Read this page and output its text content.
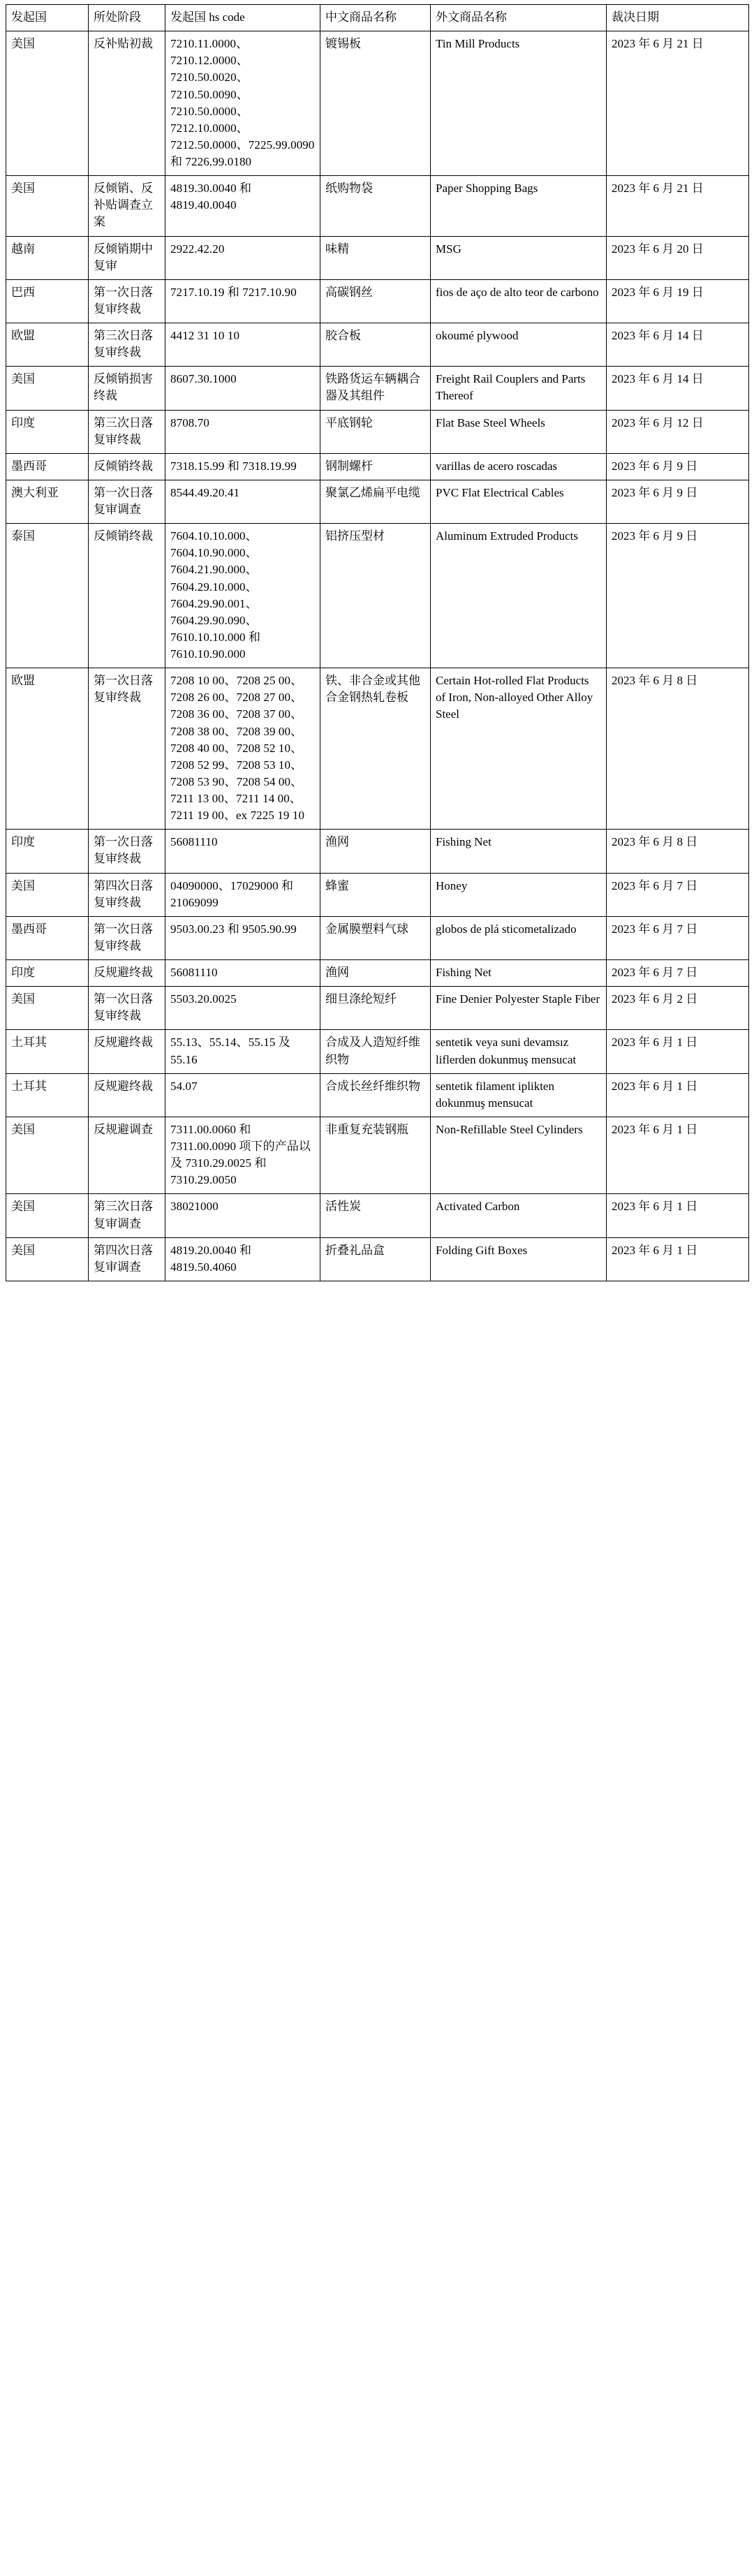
发起国	所处阶段	发起国 hs code	中文商品名称	外文商品名称	裁决日期
美国	反补贴初裁	7210.11.0000、7210.12.0000、7210.50.0020、7210.50.0090、7210.50.0000、7212.10.0000、7212.50.0000、7225.99.0090 和 7226.99.0180	镀锡板	Tin Mill Products	2023 年 6 月 21 日
美国	反倾销、反补贴调查立案	4819.30.0040 和 4819.40.0040	纸购物袋	Paper Shopping Bags	2023 年 6 月 21 日
越南	反倾销期中复审	2922.42.20	味精	MSG	2023 年 6 月 20 日
巴西	第一次日落复审终裁	7217.10.19 和 7217.10.90	高碳钢丝	fios de aço de alto teor de carbono	2023 年 6 月 19 日
欧盟	第三次日落复审终裁	4412 31 10 10	胶合板	okoumé plywood	2023 年 6 月 14 日
美国	反倾销损害终裁	8607.30.1000	铁路货运车辆耦合器及其组件	Freight Rail Couplers and Parts Thereof	2023 年 6 月 14 日
印度	第三次日落复审终裁	8708.70	平底钢轮	Flat Base Steel Wheels	2023 年 6 月 12 日
墨西哥	反倾销终裁	7318.15.99 和 7318.19.99	钢制螺杆	varillas de acero roscadas	2023 年 6 月 9 日
澳大利亚	第一次日落复审调查	8544.49.20.41	聚氯乙烯扁平电缆	PVC Flat Electrical Cables	2023 年 6 月 9 日
泰国	反倾销终裁	7604.10.10.000、7604.10.90.000、7604.21.90.000、7604.29.10.000、7604.29.90.001、7604.29.90.090、7610.10.10.000 和 7610.10.90.000	铝挤压型材	Aluminum Extruded Products	2023 年 6 月 9 日
欧盟	第一次日落复审终裁	7208 10 00、7208 25 00、7208 26 00、7208 27 00、7208 36 00、7208 37 00、7208 38 00、7208 39 00、7208 40 00、7208 52 10、7208 52 99、7208 53 10、7208 53 90、7208 54 00、7211 13 00、7211 14 00、7211 19 00、ex 7225 19 10	铁、非合金或其他合金钢热轧卷板	Certain Hot-rolled Flat Products of Iron, Non-alloyed Other Alloy Steel	2023 年 6 月 8 日
印度	第一次日落复审终裁	56081110	渔网	Fishing Net	2023 年 6 月 8 日
美国	第四次日落复审终裁	04090000、17029000 和 21069099	蜂蜜	Honey	2023 年 6 月 7 日
墨西哥	第一次日落复审终裁	9503.00.23 和 9505.90.99	金属膜塑料气球	globos de plá sticometalizado	2023 年 6 月 7 日
印度	反规避终裁	56081110	渔网	Fishing Net	2023 年 6 月 7 日
美国	第一次日落复审终裁	5503.20.0025	细旦涤纶短纤	Fine Denier Polyester Staple Fiber	2023 年 6 月 2 日
土耳其	反规避终裁	55.13、55.14、55.15 及 55.16	合成及人造短纤维织物	sentetik veya suni devamsız liflerden dokunmuş mensucat	2023 年 6 月 1 日
土耳其	反规避终裁	54.07	合成长丝纤维织物	sentetik filament iplikten dokunmuş mensucat	2023 年 6 月 1 日
美国	反规避调查	7311.00.0060 和 7311.00.0090 项下的产品以及 7310.29.0025 和 7310.29.0050	非重复充装钢瓶	Non-Refillable Steel Cylinders	2023 年 6 月 1 日
美国	第三次日落复审调查	38021000	活性炭	Activated Carbon	2023 年 6 月 1 日
美国	第四次日落复审调查	4819.20.0040 和 4819.50.4060	折叠礼品盒	Folding Gift Boxes	2023 年 6 月 1 日
